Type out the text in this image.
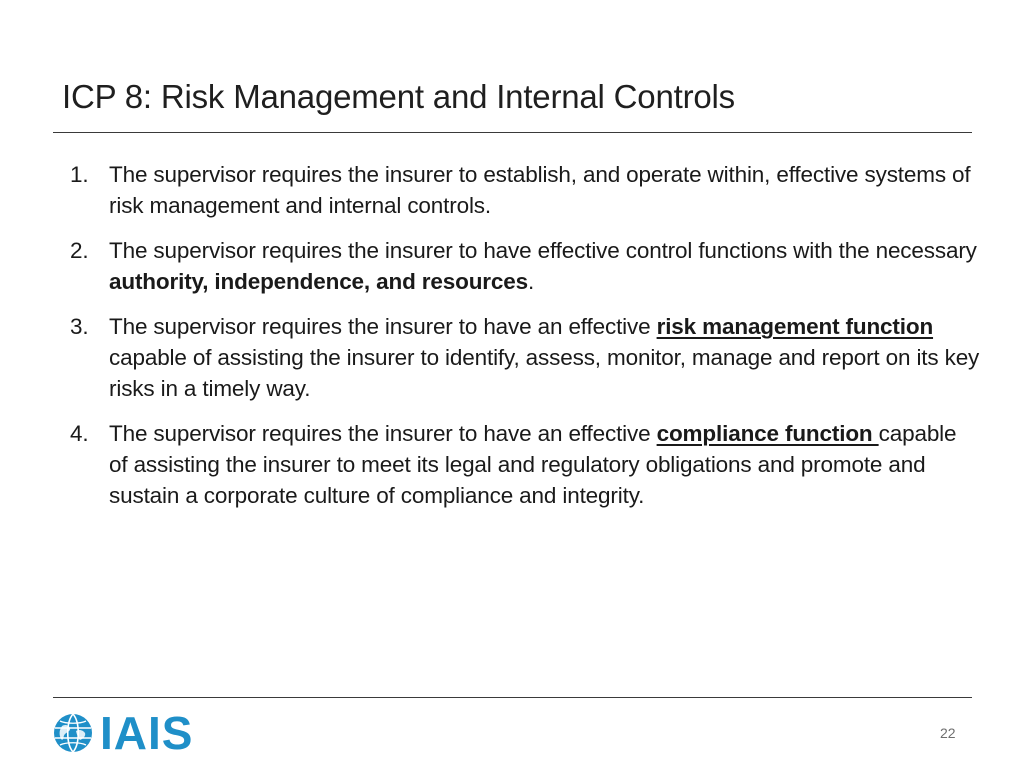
ICP 8: Risk Management and Internal Controls
1. The supervisor requires the insurer to establish, and operate within, effective systems of risk management and internal controls.
2. The supervisor requires the insurer to have effective control functions with the necessary authority, independence, and resources.
3. The supervisor requires the insurer to have an effective risk management function capable of assisting the insurer to identify, assess, monitor, manage and report on its key risks in a timely way.
4. The supervisor requires the insurer to have an effective compliance function capable of assisting the insurer to meet its legal and regulatory obligations and promote and sustain a corporate culture of compliance and integrity.
IAIS	22
